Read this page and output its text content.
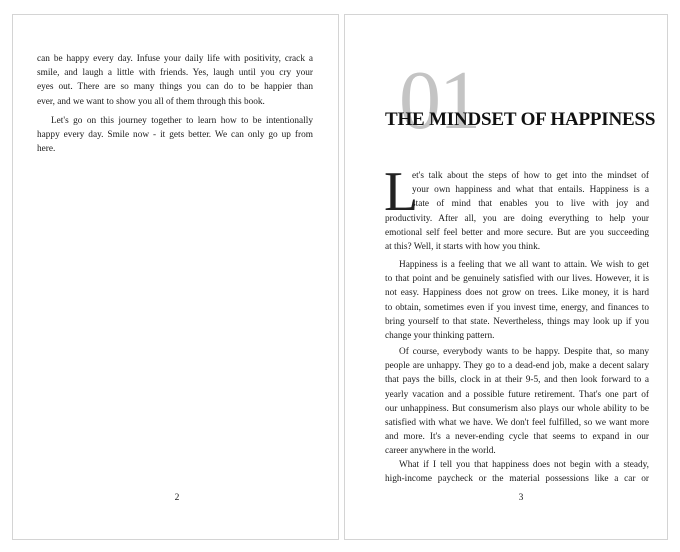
can be happy every day. Infuse your daily life with positivity, crack a
smile, and laugh a little with friends. Yes, laugh until you cry your
eyes out. There are so many things you can do to be happier than
ever, and we want to show you all of them through this book.
Let's go on this journey together to learn how to be intentionally
happy every day. Smile now - it gets better. We can only go up from
here.
2
01
THE MINDSET OF HAPPINESS
L
et's talk about the steps of how to get into the mindset of
your own happiness and what that entails. Happiness is a
state of mind that enables you to live with joy and
productivity. After all, you are doing everything to help your
emotional self feel better and more secure. But are you succeeding
at this? Well, it starts with how you think.
Happiness is a feeling that we all want to attain. We wish to get
to that point and be genuinely satisfied with our lives. However, it is
not easy. Happiness does not grow on trees. Like money, it is hard
to obtain, sometimes even if you invest time, energy, and finances to
bring yourself to that state. Nevertheless, things may look up if you
change your thinking pattern.
Of course, everybody wants to be happy. Despite that, so many
people are unhappy. They go to a dead-end job, make a decent salary
that pays the bills, clock in at their 9-5, and then look forward to a
yearly vacation and a possible future retirement. That's one part of
our unhappiness. But consumerism also plays our whole ability to be
satisfied with what we have. We don't feel fulfilled, so we want more
and more. It's a never-ending cycle that seems to expand in our
career anywhere in the world.
What if I tell you that happiness does not begin with a steady,
high-income paycheck or the material possessions like a car or
3
